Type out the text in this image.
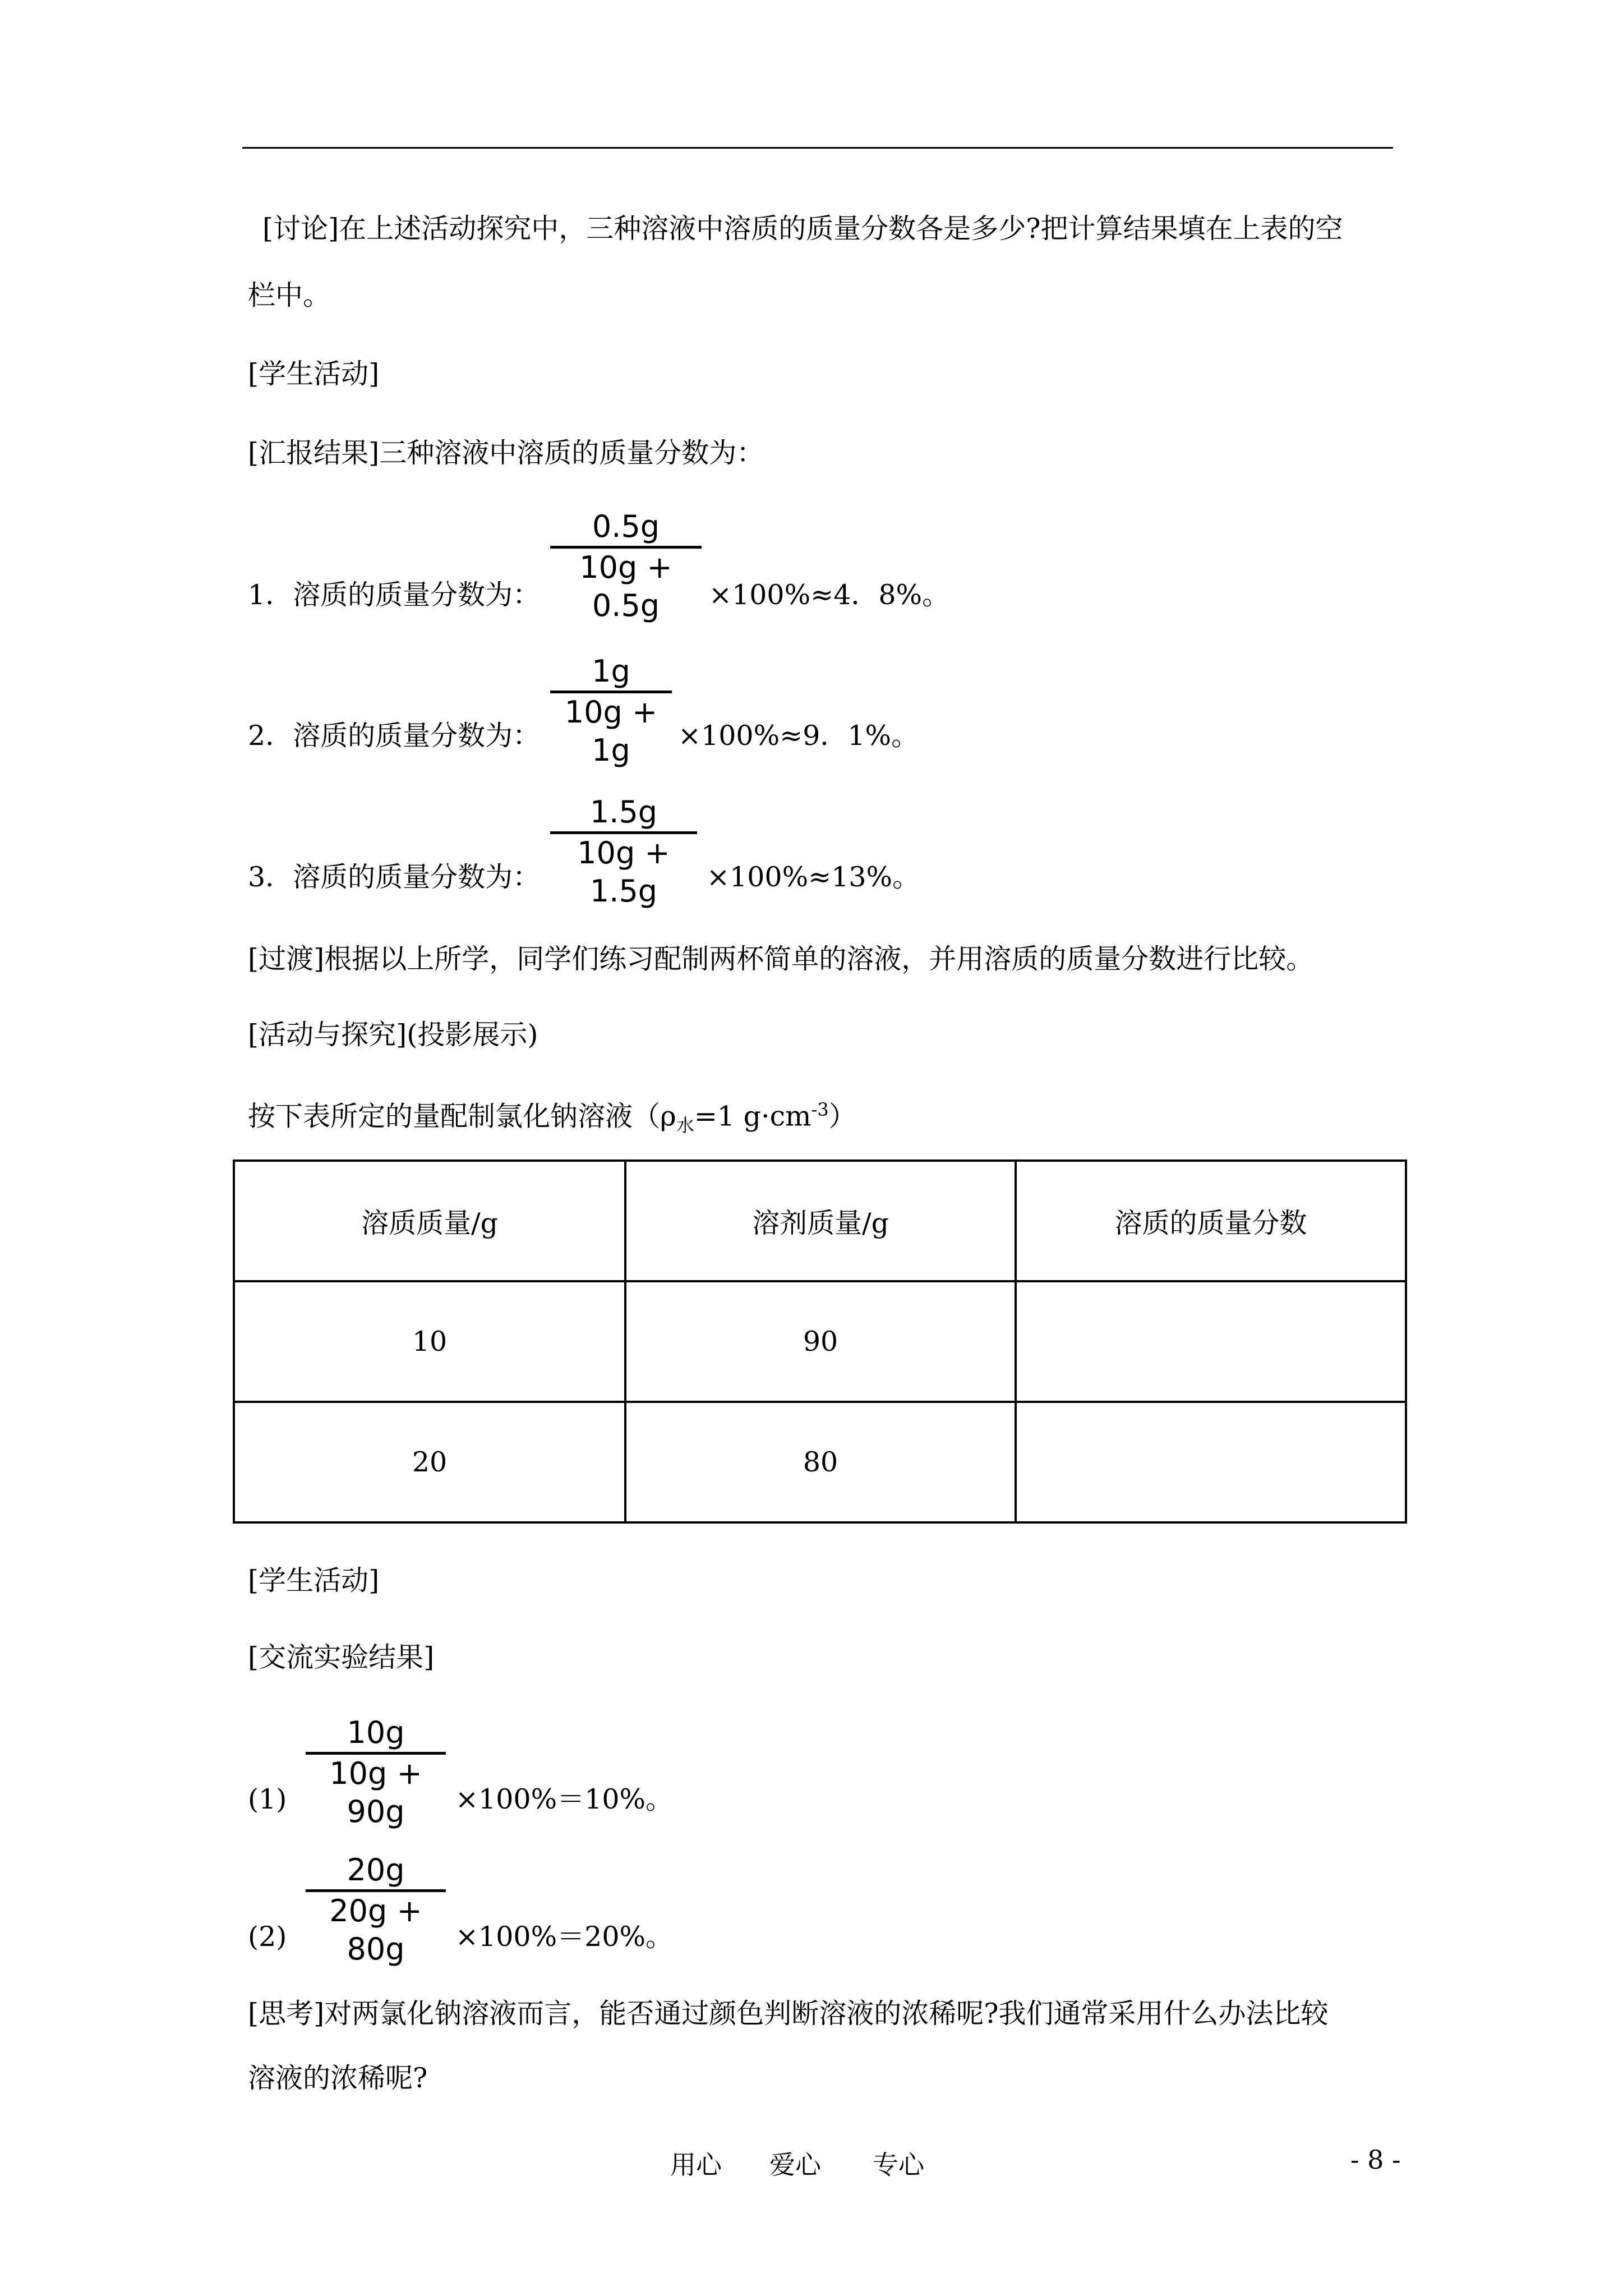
[讨论]在上述活动探究中，三种溶液中溶质的质量分数各是多少?把计算结果填在上表的空
栏中。
[学生活动]
[汇报结果]三种溶液中溶质的质量分数为：
1．溶质的质量分数为：
0.5g
10g + 0.5g	×100%≈4．8%。
2．溶质的质量分数为：
1g
10g + 1g	×100%≈9．1%。
3．溶质的质量分数为：
1.5g
10g + 1.5g	×100%≈13%。
[过渡]根据以上所学，同学们练习配制两杯简单的溶液，并用溶质的质量分数进行比较。
[活动与探究](投影展示)
按下表所定的量配制氯化钠溶液（$\rho_水=1$ $g\cdot cm^{-3}$）
溶质质量/g	溶剂质量/g	溶质的质量分数
10	90	
20	80	
[学生活动]
[交流实验结果]
(1)
10g
10g + 90g	×100%＝10%。
(2)
20g
20g + 80g	×100%＝20%。
[思考]对两氯化钠溶液而言，能否通过颜色判断溶液的浓稀呢?我们通常采用什么办法比较
溶液的浓稀呢?
用心 爱心 专心	- 8 -
